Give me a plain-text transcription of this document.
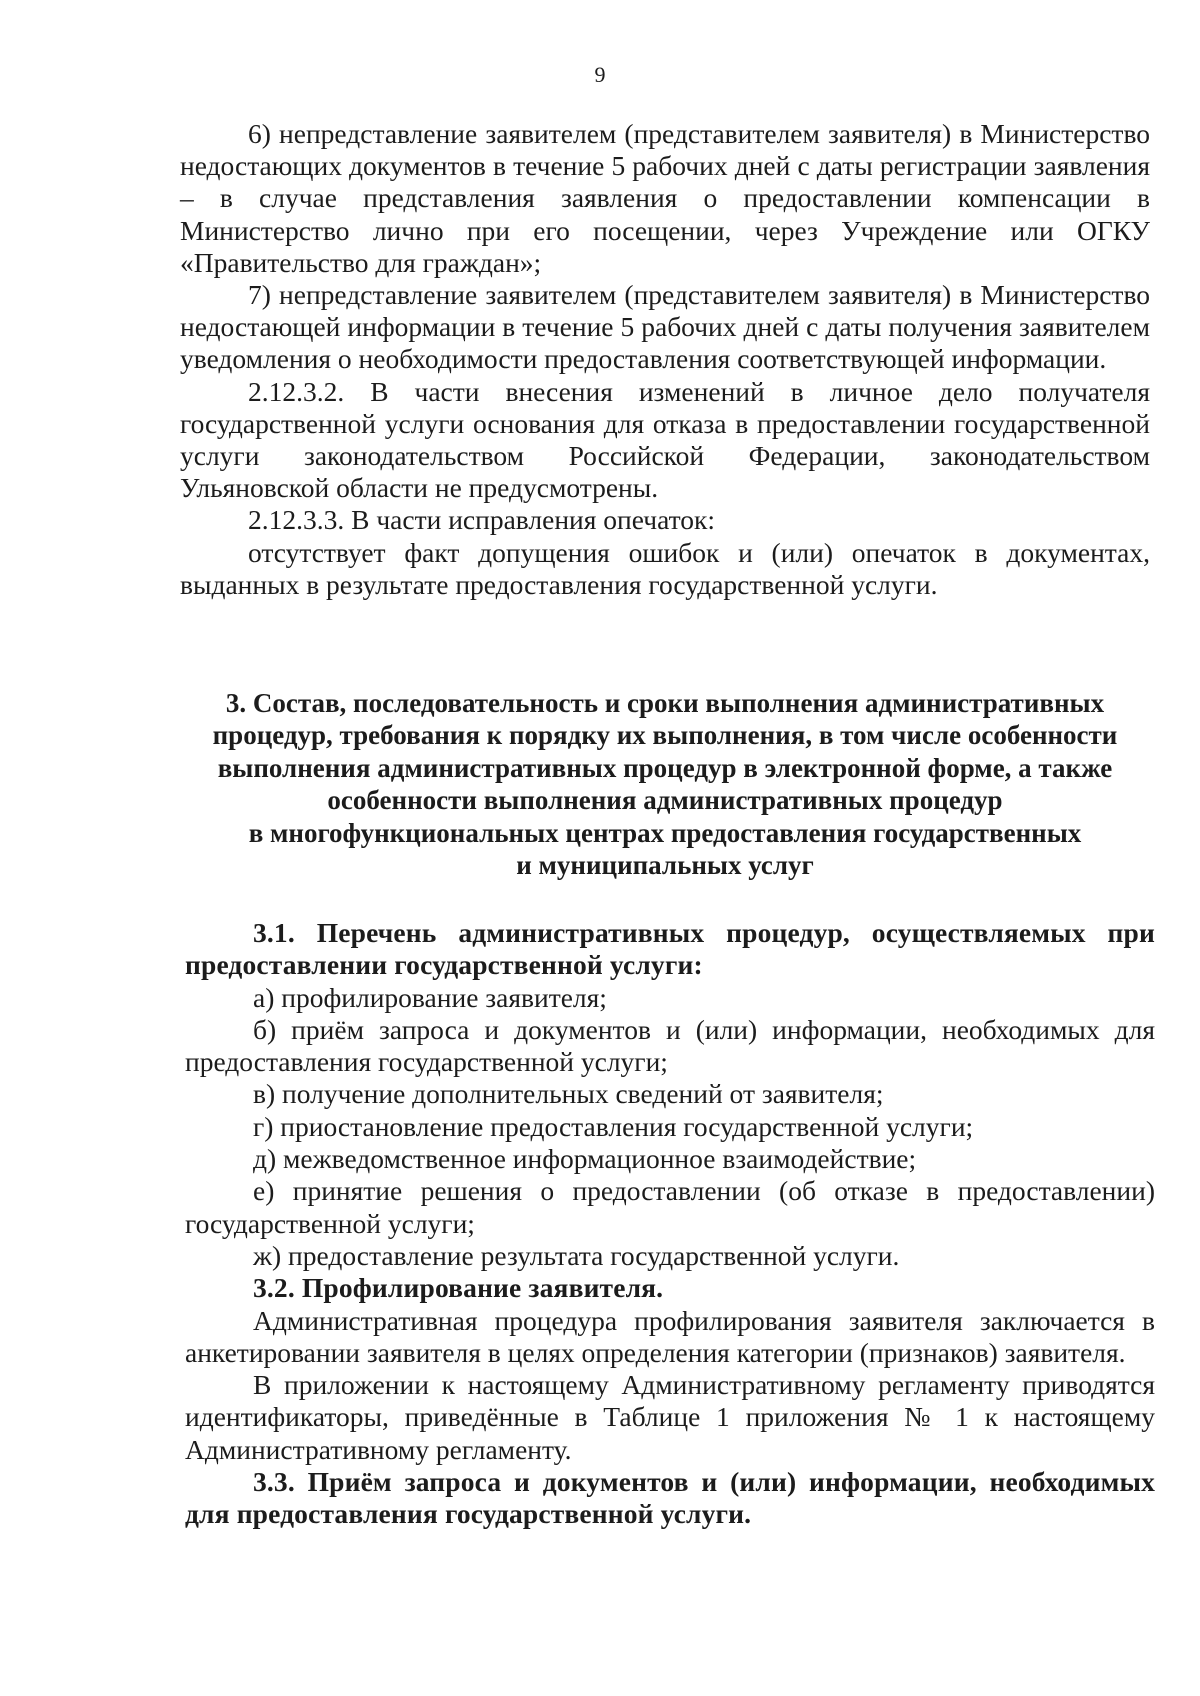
9

6) непредставление заявителем (представителем заявителя) в Министерство недостающих документов в течение 5 рабочих дней с даты регистрации заявления – в случае представления заявления о предоставлении компенсации в Министерство лично при его посещении, через Учреждение или ОГКУ «Правительство для граждан»;

7) непредставление заявителем (представителем заявителя) в Министерство недостающей информации в течение 5 рабочих дней с даты получения заявителем уведомления о необходимости предоставления соответствующей информации.

2.12.3.2. В части внесения изменений в личное дело получателя государственной услуги основания для отказа в предоставлении государственной услуги законодательством Российской Федерации, законодательством Ульяновской области не предусмотрены.

2.12.3.3. В части исправления опечаток:

отсутствует факт допущения ошибок и (или) опечаток в документах, выданных в результате предоставления государственной услуги.

3. Состав, последовательность и сроки выполнения административных
процедур, требования к порядку их выполнения, в том числе особенности
выполнения административных процедур в электронной форме, а также
особенности выполнения административных процедур
в многофункциональных центрах предоставления государственных
и муниципальных услуг

3.1. Перечень административных процедур, осуществляемых при предоставлении государственной услуги:

а) профилирование заявителя;

б) приём запроса и документов и (или) информации, необходимых для предоставления государственной услуги;

в) получение дополнительных сведений от заявителя;

г) приостановление предоставления государственной услуги;

д) межведомственное информационное взаимодействие;

е) принятие решения о предоставлении (об отказе в предоставлении) государственной услуги;

ж) предоставление результата государственной услуги.

3.2. Профилирование заявителя.

Административная процедура профилирования заявителя заключается в анкетировании заявителя в целях определения категории (признаков) заявителя.

В приложении к настоящему Административному регламенту приводятся идентификаторы, приведённые в Таблице 1 приложения № 1 к настоящему Административному регламенту.

3.3. Приём запроса и документов и (или) информации, необходимых для предоставления государственной услуги.
